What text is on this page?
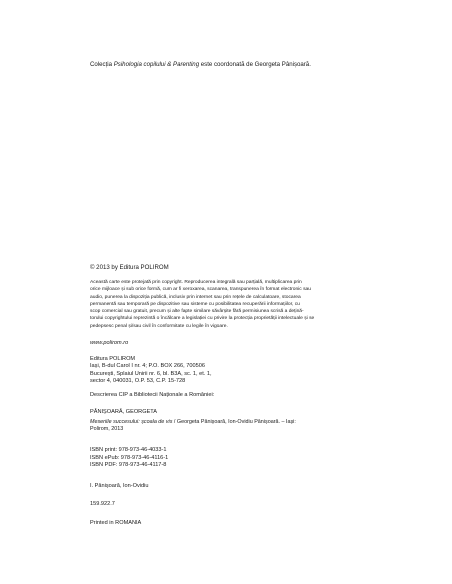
Colecția Psihologia copilului & Parenting este coordonată de Georgeta Pânișoară.

© 2013 by Editura POLIROM

Această carte este protejată prin copyright. Reproducerea integrală sau parțială, multiplicarea prin

orice mijloace și sub orice formă, cum ar fi xeroxarea, scanarea, transpunerea în format electronic sau

audio, punerea la dispoziția publică, inclusiv prin internet sau prin rețele de calculatoare, stocarea

permanentă sau temporară pe dispozitive sau sisteme cu posibilitatea recuperării informațiilor, cu

scop comercial sau gratuit, precum și alte fapte similare săvârșite fără permisiunea scrisă a dețină-

torului copyrightului reprezintă o încălcare a legislației cu privire la protecția proprietății intelectuale și se

pedepsesc penal și/sau civil în conformitate cu legile în vigoare.

www.polirom.ro

Editura POLIROM

Iași, B-dul Carol I nr. 4; P.O. BOX 266, 700506

București, Splaiul Unirii nr. 6, bl. B3A, sc. 1, et. 1,

sector 4, 040031, O.P. 53, C.P. 15-728

Descrierea CIP a Bibliotecii Naționale a României:

PÂNIȘOARĂ, GEORGETA

Meseriile succesului: școala de vis / Georgeta Pânișoară, Ion-Ovidiu Pânișoară. – Iași:

Polirom, 2013

ISBN print: 978-973-46-4033-1

ISBN ePub: 978-973-46-4116-1

ISBN PDF: 978-973-46-4117-8

I. Pânișoară, Ion-Ovidiu

159.922.7

Printed in ROMANIA
